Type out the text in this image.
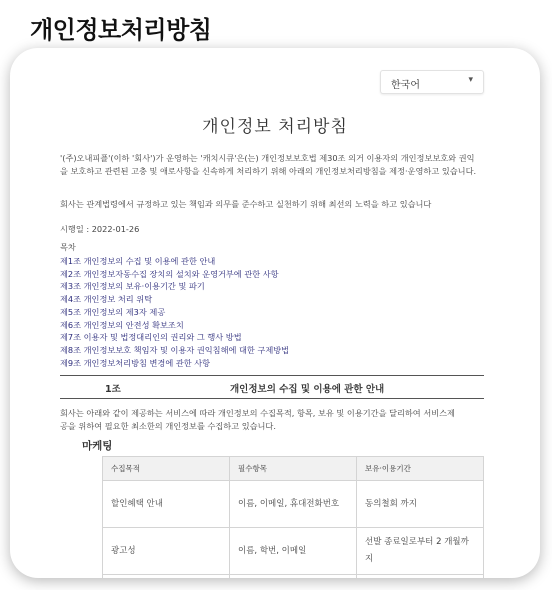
개인정보처리방침
한국어	▾
개인정보 처리방침

'(주)오내피플'(이하 '회사')가 운영하는 '캐치시큐'은(는) 개인정보보호법 제30조 의거 이용자의 개인정보보호와 권익을 보호하고 관련된 고충 및 애로사항을 신속하게 처리하기 위해 아래의 개인정보처리방침을 제정·운영하고 있습니다.

회사는 관계법령에서 규정하고 있는 책임과 의무를 준수하고 실천하기 위해 최선의 노력을 하고 있습니다

시행일 : 2022-01-26

목차
제1조 개인정보의 수집 및 이용에 관한 안내
제2조 개인정보자동수집 장치의 설치와 운영거부에 관한 사항
제3조 개인정보의 보유·이용기간 및 파기
제4조 개인정보 처리 위탁
제5조 개인정보의 제3자 제공
제6조 개인정보의 안전성 확보조치
제7조 이용자 및 법정대리인의 권리와 그 행사 방법
제8조 개인정보보호 책임자 및 이용자 권익침해에 대한 구제방법
제9조 개인정보처리방침 변경에 관한 사항
1조	개인정보의 수집 및 이용에 관한 안내

회사는 아래와 같이 제공하는 서비스에 따라 개인정보의 수집목적, 항목, 보유 및 이용기간을 달리하여 서비스제공을 위하여 필요한 최소한의 개인정보를 수집하고 있습니다.

마케팅
수집목적	필수항목	보유·이용기간
할인혜택 안내	이름, 이메일, 휴대전화번호	동의철회 까지
광고성	이름, 학번, 이메일	선발 종료일로부터 2 개월까지
